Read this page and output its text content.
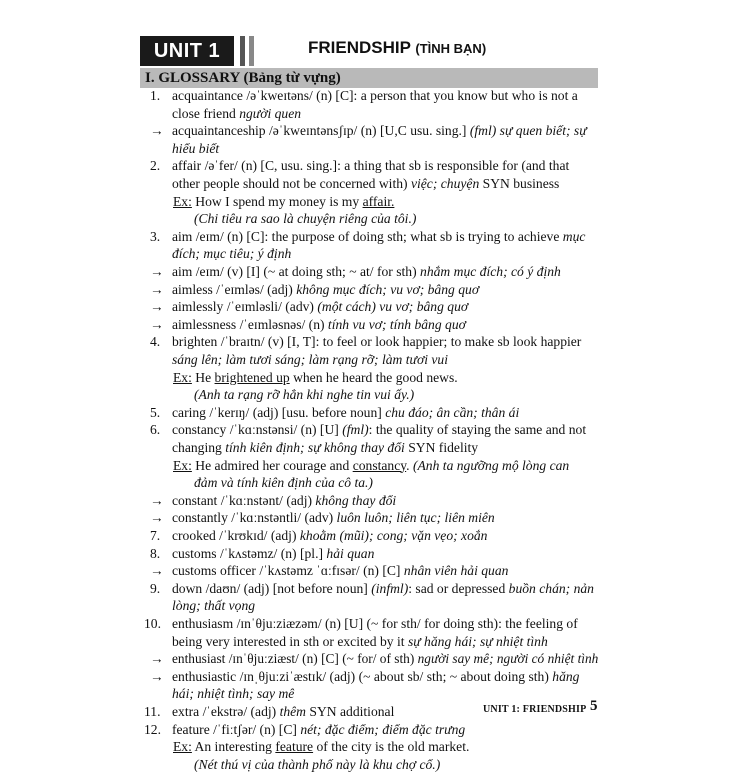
UNIT 1	FRIENDSHIP (TÌNH BẠN)
I. GLOSSARY (Bảng từ vựng)
1. acquaintance /əˈkweɪtəns/ (n) [C]: a person that you know but who is not a
close friend người quen
→ acquaintanceship /əˈkweɪntənsʃɪp/ (n) [U,C usu. sing.] (fml) sự quen biết; sự
hiểu biết
2. affair /əˈfer/ (n) [C, usu. sing.]: a thing that sb is responsible for (and that
other people should not be concerned with) việc; chuyện SYN business
Ex: How I spend my money is my affair.
(Chi tiêu ra sao là chuyện riêng của tôi.)
3. aim /eɪm/ (n) [C]: the purpose of doing sth; what sb is trying to achieve mục
đích; mục tiêu; ý định
→ aim /eɪm/ (v) [I] (~ at doing sth; ~ at/ for sth) nhắm mục đích; có ý định
→ aimless /ˈeɪmləs/ (adj) không mục đích; vu vơ; bâng quơ
→ aimlessly /ˈeɪmləsli/ (adv) (một cách) vu vơ; bâng quơ
→ aimlessness /ˈeɪmləsnəs/ (n) tính vu vơ; tính bâng quơ
4. brighten /ˈbraɪtn/ (v) [I, T]: to feel or look happier; to make sb look happier
sáng lên; làm tươi sáng; làm rạng rỡ; làm tươi vui
Ex: He brightened up when he heard the good news.
(Anh ta rạng rỡ hẳn khi nghe tin vui ấy.)
5. caring /ˈkerɪŋ/ (adj) [usu. before noun] chu đáo; ân cần; thân ái
6. constancy /ˈkɑːnstənsi/ (n) [U] (fml): the quality of staying the same and not
changing tính kiên định; sự không thay đổi SYN fidelity
Ex: He admired her courage and constancy. (Anh ta ngưỡng mộ lòng can
đảm và tính kiên định của cô ta.)
→ constant /ˈkɑːnstənt/ (adj) không thay đổi
→ constantly /ˈkɑːnstəntli/ (adv) luôn luôn; liên tục; liên miên
7. crooked /ˈkrʊkɪd/ (adj) khoằm (mũi); cong; vặn vẹo; xoắn
8. customs /ˈkʌstəmz/ (n) [pl.] hải quan
→ customs officer /ˈkʌstəmz ˈɑːfɪsər/ (n) [C] nhân viên hải quan
9. down /daʊn/ (adj) [not before noun] (infml): sad or depressed buồn chán; nản
lòng; thất vọng
10. enthusiasm /ɪnˈθjuːziæzəm/ (n) [U] (~ for sth/ for doing sth): the feeling of
being very interested in sth or excited by it sự hăng hái; sự nhiệt tình
→ enthusiast /ɪnˈθjuːziæst/ (n) [C] (~ for/ of sth) người say mê; người có nhiệt tình
→ enthusiastic /ɪnˌθjuːziˈæstɪk/ (adj) (~ about sb/ sth; ~ about doing sth) hăng
hái; nhiệt tình; say mê
11. extra /ˈekstrə/ (adj) thêm SYN additional
12. feature /ˈfiːtʃər/ (n) [C] nét; đặc điểm; điểm đặc trưng
Ex: An interesting feature of the city is the old market.
(Nét thú vị của thành phố này là khu chợ cổ.)
UNIT 1: FRIENDSHIP 5
